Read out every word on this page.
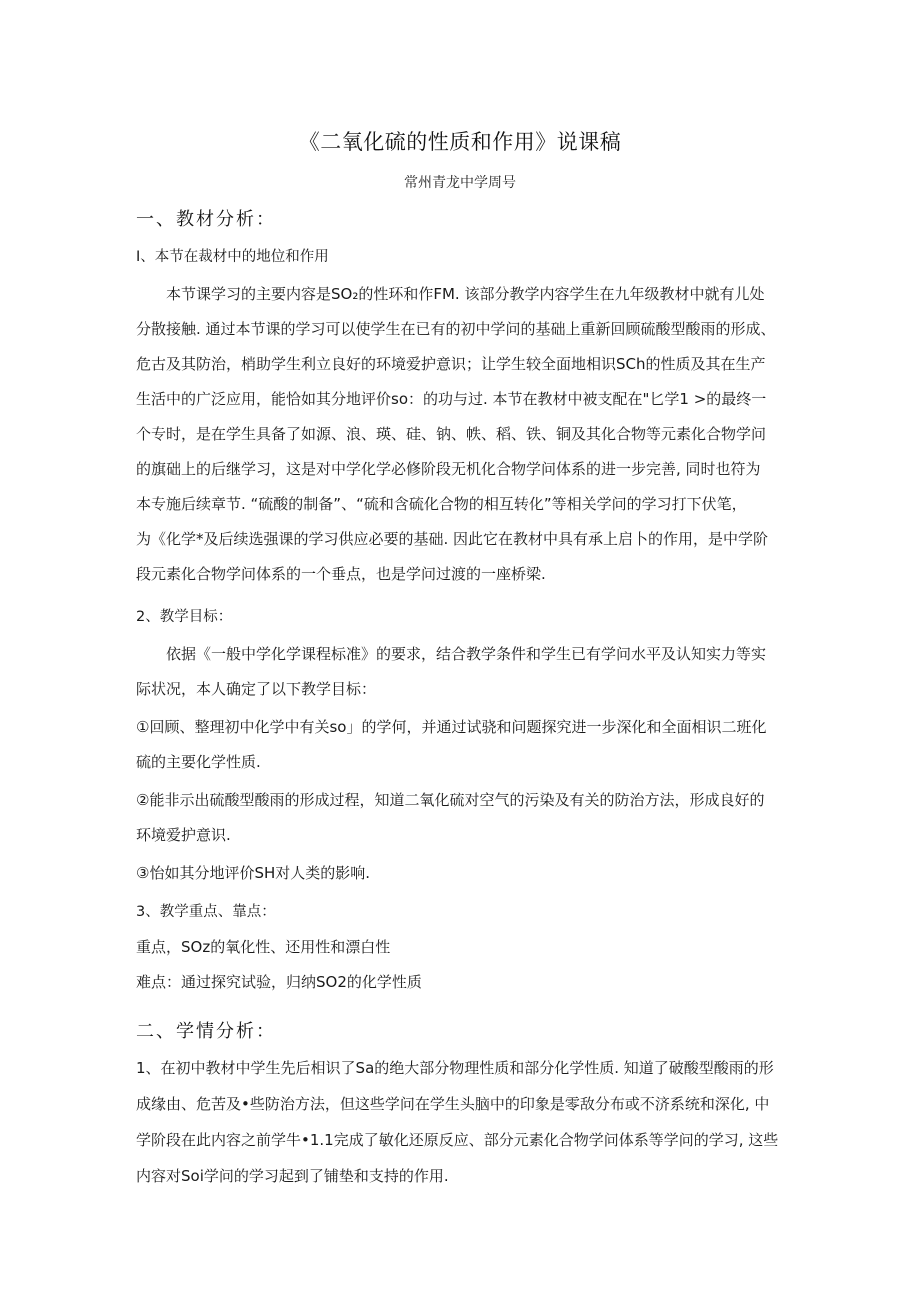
《二氧化硫的性质和作用》说课稿
常州青龙中学周号
一、教材分析：
I、本节在裁材中的地位和作用
本节课学习的主要内容是SO₂的性环和作FM. 该部分教学内容学生在九年级教材中就有儿处
分散接触. 通过本节课的学习可以使学生在已有的初中学问的基础上重新回顾硫酸型酸雨的形成、
危古及其防治，梢助学生利立良好的环境爱护意识；让学生较全面地相识SCh的性质及其在生产
生活中的广泛应用，能恰如其分地评价so：的功与过. 本节在教材中被支配在"匕学1 >的最终一
个专时，是在学生具备了如源、浪、瑛、硅、钠、帙、稻、铁、铜及其化合物等元素化合物学问
的旗础上的后继学习，这是对中学化学必修阶段无机化合物学问体系的进一步完善, 同时也符为
本专施后续章节. “硫酸的制备”、“硫和含硫化合物的相互转化”等相关学问的学习打下伏笔，
为《化学*及后续选强课的学习供应必要的基础. 因此它在教材中具有承上启卜的作用，是中学阶
段元素化合物学问体系的一个垂点，也是学问过渡的一座桥梁.
2、教学目标：
依据《一般中学化学课程标准》的要求，结合教学条件和学生已有学问水平及认知实力等实
际状况，本人确定了以下教学目标：
①回顾、整理初中化学中有关so」的学何，并通过试骁和问题探究进一步深化和全面相识二班化
硫的主要化学性质.
②能非示出硫酸型酸雨的形成过程，知道二氧化硫对空气的污染及有关的防治方法，形成良好的
环境爱护意识.
③怡如其分地评价SH对人类的影响.
3、教学重点、靠点：
重点，SOz的氧化性、还用性和漂白性
难点：通过探究试验，归纳SO2的化学性质
二、学情分析：
1、在初中教材中学生先后相识了Sa的绝大部分物理性质和部分化学性质. 知道了破酸型酸雨的形
成缘由、危苦及•些防治方法，但这些学问在学生头脑中的印象是零敌分布或不济系统和深化, 中
学阶段在此内容之前学牛•1.1完成了敏化还原反应、部分元素化合物学问体系等学问的学习, 这些
内容对Soi学问的学习起到了铺垫和支持的作用.
